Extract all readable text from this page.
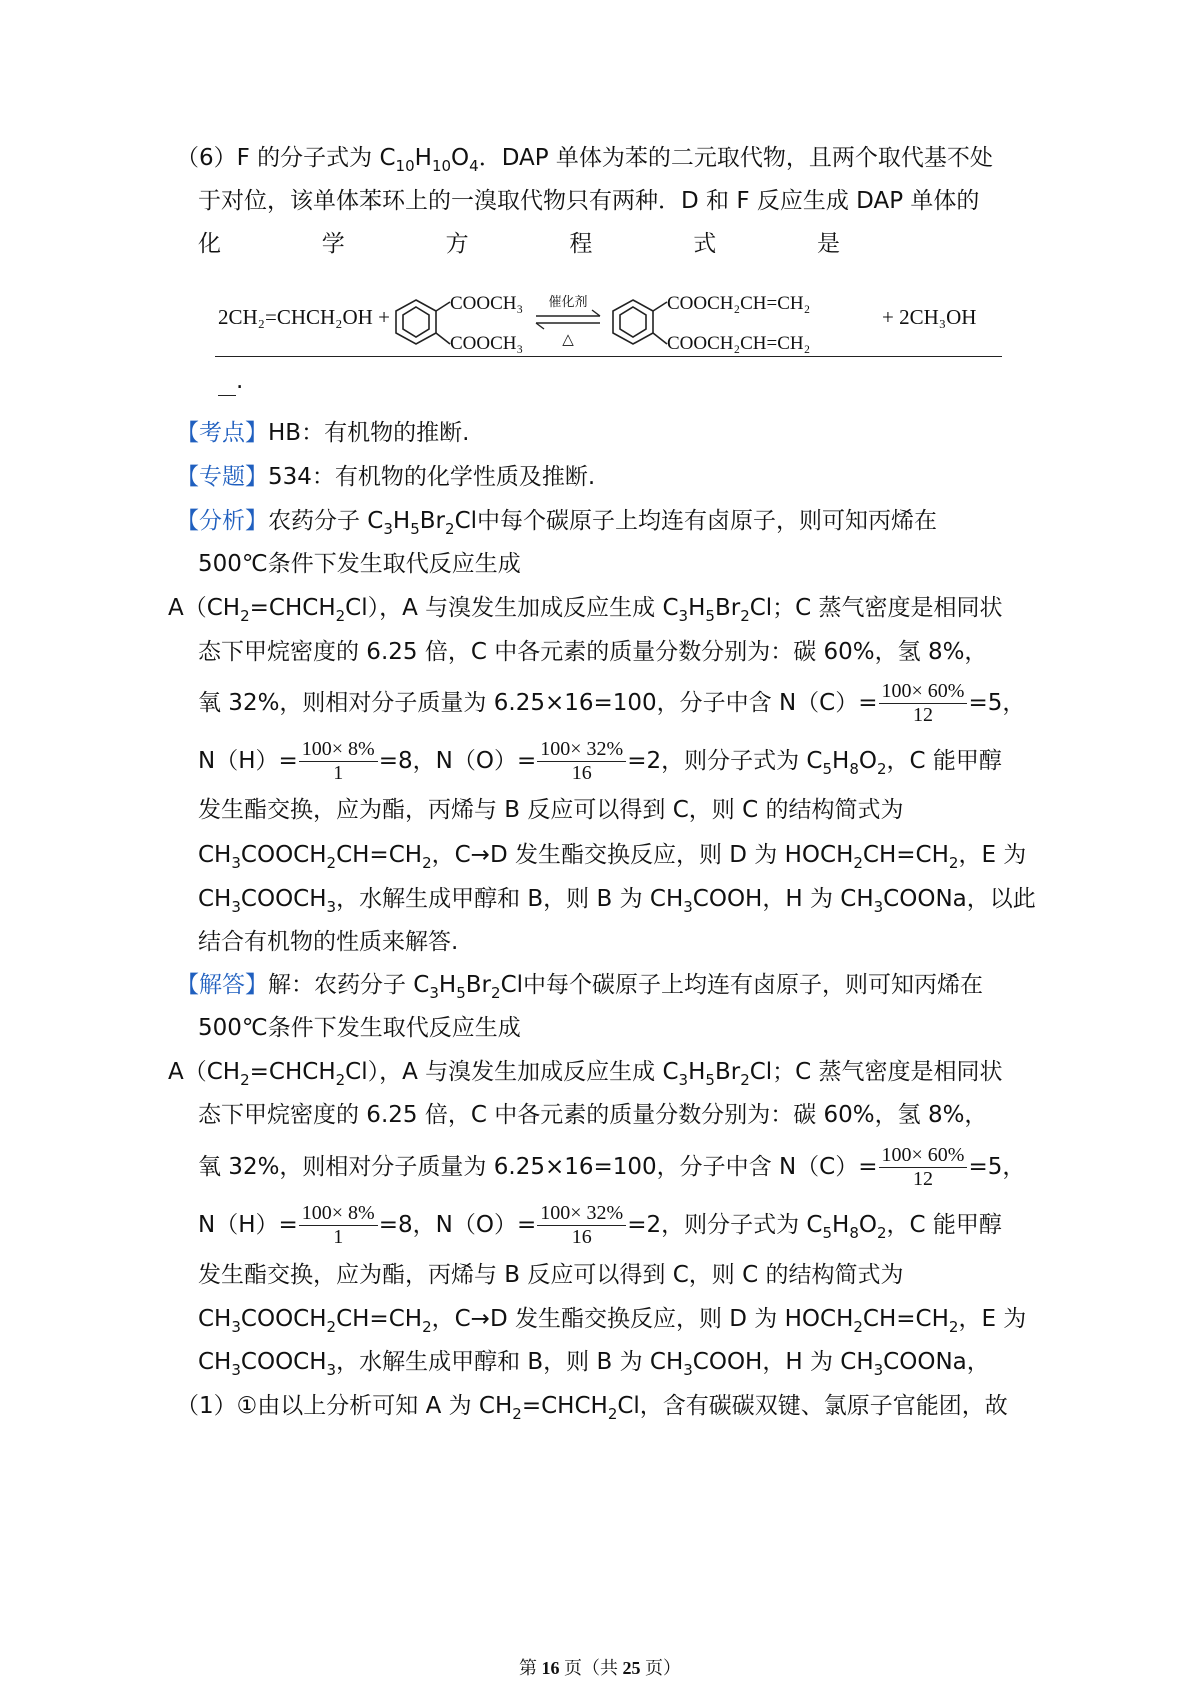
（6）F 的分子式为 $C_{10}H_{10}O_4$．DAP 单体为苯的二元取代物，且两个取代基不处
于对位，该单体苯环上的一溴取代物只有两种．D 和 F 反应生成 DAP 单体的
化学方程式是
2CH₂=CHCH₂OH +
COOCH₃
COOCH₃
催化剂
△
COOCH₂CH=CH₂
COOCH₂CH=CH₂
+ 2CH₃OH
.
【考点】HB：有机物的推断.
【专题】534：有机物的化学性质及推断.
【分析】农药分子 $C_3H_5Br_2Cl$中每个碳原子上均连有卤原子，则可知丙烯在
500℃条件下发生取代反应生成
$A(CH_2=CHCH_2Cl)$，A 与溴发生加成反应生成 $C_3H_5Br_2Cl$；C 蒸气密度是相同状
态下甲烷密度的 6.25 倍，C 中各元素的质量分数分别为：碳 60%，氢 8%，
氧 32%，则相对分子质量为 6.25×16=100，分子中含 $N(C)= \frac{100\times 60\%}{12} =5$，
$N(H)= \frac{100\times 8\%}{1} =8$，$N(O)= \frac{100\times 32\%}{16} =2$，则分子式为 $C_5H_8O_2$，C 能甲醇
发生酯交换，应为酯，丙烯与 B 反应可以得到 C，则 C 的结构简式为
$CH_3COOCH_2CH=CH_2$，C→D 发生酯交换反应，则 D 为 $HOCH_2CH=CH_2$，E 为
$CH_3COOCH_3$，水解生成甲醇和 B，则 B 为 $CH_3COOH$，H 为 $CH_3COONa$，以此
结合有机物的性质来解答.
【解答】解：农药分子 $C_3H_5Br_2Cl$中每个碳原子上均连有卤原子，则可知丙烯在
500℃条件下发生取代反应生成
$A(CH_2=CHCH_2Cl)$，A 与溴发生加成反应生成 $C_3H_5Br_2Cl$；C 蒸气密度是相同状
态下甲烷密度的 6.25 倍，C 中各元素的质量分数分别为：碳 60%，氢 8%，
氧 32%，则相对分子质量为 6.25×16=100，分子中含 $N(C)= \frac{100\times 60\%}{12} =5$，
$N(H)= \frac{100\times 8\%}{1} =8$，$N(O)= \frac{100\times 32\%}{16} =2$，则分子式为 $C_5H_8O_2$，C 能甲醇
发生酯交换，应为酯，丙烯与 B 反应可以得到 C，则 C 的结构简式为
$CH_3COOCH_2CH=CH_2$，C→D 发生酯交换反应，则 D 为 $HOCH_2CH=CH_2$，E 为
$CH_3COOCH_3$，水解生成甲醇和 B，则 B 为 $CH_3COOH$，H 为 $CH_3COONa$，
（1）①由以上分析可知 A 为 $CH_2=CHCH_2Cl$，含有碳碳双键、氯原子官能团，故
第 16 页（共 25 页）
